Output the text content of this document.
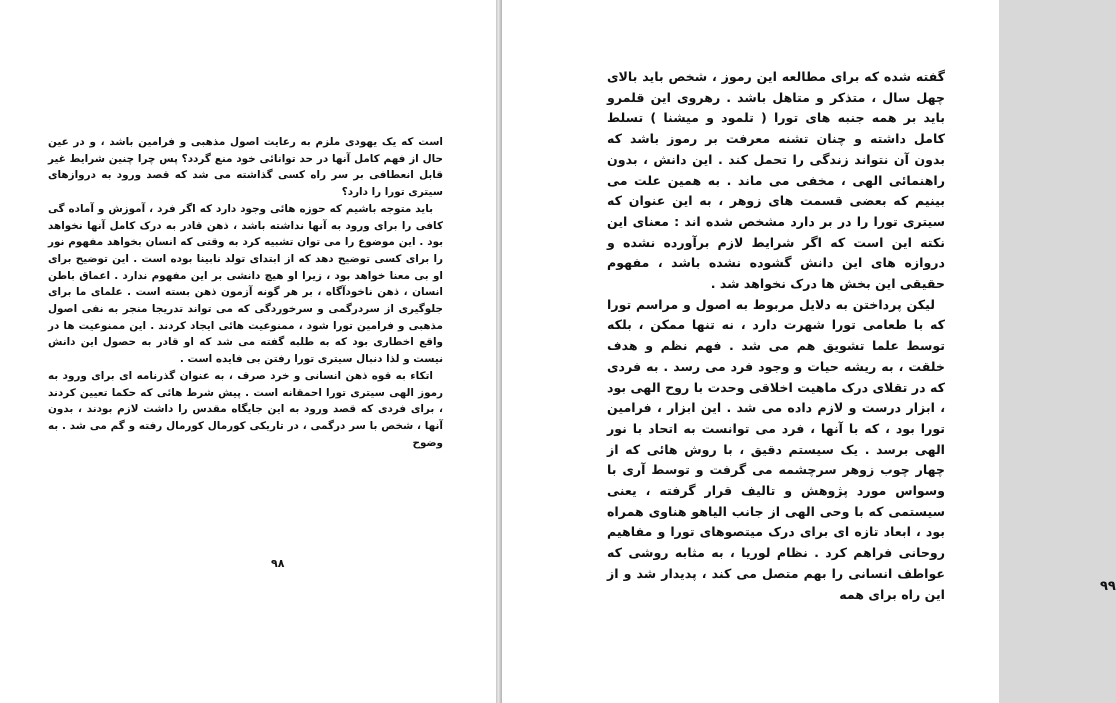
است که یک یهودی ملزم به رعایت اصول مذهبی و فرامین باشد ، و در عین حال از فهم کامل آنها در حد توانائی خود منع گردد؟ پس چرا چنین شرایط غیر قابل انعطافی بر سر راه کسی گذاشته می شد که قصد ورود به دروازهای سیتری تورا را دارد؟

باید متوجه باشیم که حوزه هائی وجود دارد که اگر فرد ، آموزش و آماده گی کافی را برای ورود به آنها نداشته باشد ، ذهن قادر به درک کامل آنها نخواهد بود . این موضوع را می توان تشبیه کرد به وقتی که انسان بخواهد مفهوم نور را برای کسی توضیح دهد که از ابتدای تولد نابینا بوده است . این توضیح برای او بی معنا خواهد بود ، زیرا او هیچ دانشی بر این مفهوم ندارد . اعماق باطن انسان ، ذهن ناخودآگاه ، بر هر گونه آزمون ذهن بسته است . علمای ما برای جلوگیری از سردرگمی و سرخوردگی که می تواند تدریجا منجر به نفی اصول مذهبی و فرامین تورا شود ، ممنوعیت هائی ایجاد کردند . این ممنوعیت ها در واقع اخطاری بود که به طلبه گفته می شد که او قادر به حصول این دانش نیست و لذا دنبال سیتری تورا رفتن بی فایده است .

اتکاء به قوه ذهن انسانی و خرد صرف ، به عنوان گذرنامه ای برای ورود به رموز الهی سیتری تورا احمقانه است . پیش شرط هائی که حکما تعیین کردند ، برای فردی که قصد ورود به این جایگاه مقدس را داشت لازم بودند ، بدون آنها ، شخص با سر درگمی ، در تاریکی کورمال کورمال رفته و گم می شد . به وضوح

۹۸

گفته شده که برای مطالعه این رموز ، شخص باید بالای چهل سال ، متذکر و متاهل باشد . رهروی این قلمرو باید بر همه جنبه های تورا ( تلمود و میشنا ) تسلط کامل داشته و چنان تشنه معرفت بر رموز باشد که بدون آن نتواند زندگی را تحمل کند . این دانش ، بدون راهنمائی الهی ، مخفی می ماند . به همین علت می بینیم که بعضی قسمت های زوهر ، به این عنوان که سیتری تورا را در بر دارد مشخص شده اند : معنای این نکته این است که اگر شرایط لازم برآورده نشده و دروازه های این دانش گشوده نشده باشد ، مفهوم حقیقی این بخش ها درک نخواهد شد .

لیکن پرداختن به دلایل مربوط به اصول و مراسم تورا که با طعامی تورا شهرت دارد ، نه تنها ممکن ، بلکه توسط علما تشویق هم می شد . فهم نظم و هدف خلقت ، به ریشه حیات و وجود فرد می رسد . به فردی که در تقلای درک ماهیت اخلاقی وحدت با روح الهی بود ، ابزار درست و لازم داده می شد . این ابزار ، فرامین تورا بود ، که با آنها ، فرد می توانست به اتحاد با نور الهی برسد . یک سیستم دقیق ، با روش هائی که از چهار چوب زوهر سرچشمه می گرفت و توسط آری با وسواس مورد پژوهش و تالیف قرار گرفته ، یعنی سیستمی که با وحی الهی از جانب الیاهو هناوی همراه بود ، ابعاد تازه ای برای درک میتصوهای تورا و مفاهیم روحانی فراهم کرد . نظام لوریا ، به مثابه روشی که عواطف انسانی را بهم متصل می کند ، پدیدار شد و از این راه برای همه

۹۹
